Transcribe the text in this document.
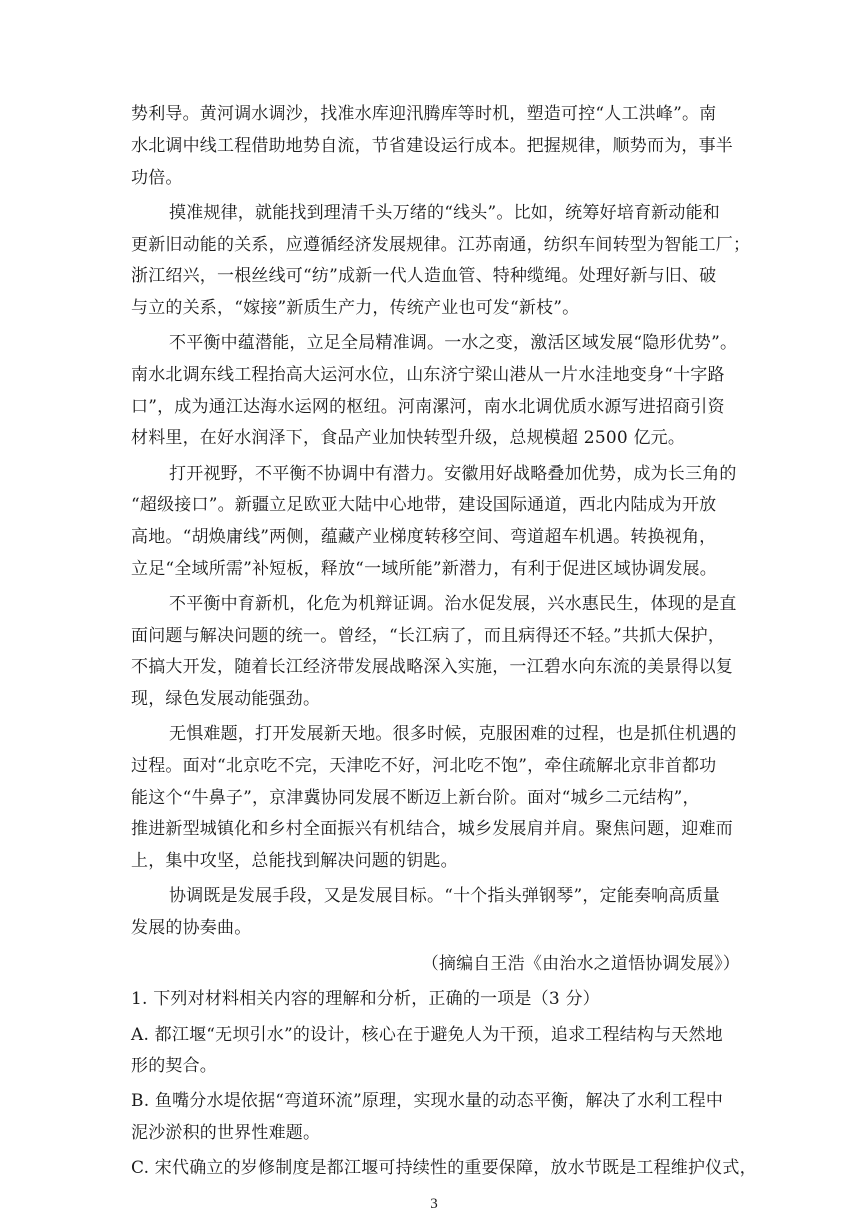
势利导。黄河调水调沙，找准水库迎汛腾库等时机，塑造可控“人工洪峰”。南
水北调中线工程借助地势自流，节省建设运行成本。把握规律，顺势而为，事半
功倍。
摸准规律，就能找到理清千头万绪的“线头”。比如，统筹好培育新动能和
更新旧动能的关系，应遵循经济发展规律。江苏南通，纺织车间转型为智能工厂；
浙江绍兴，一根丝线可“纺”成新一代人造血管、特种缆绳。处理好新与旧、破
与立的关系，“嫁接”新质生产力，传统产业也可发“新枝”。
不平衡中蕴潜能，立足全局精准调。一水之变，激活区域发展“隐形优势”。
南水北调东线工程抬高大运河水位，山东济宁梁山港从一片水洼地变身“十字路
口”，成为通江达海水运网的枢纽。河南漯河，南水北调优质水源写进招商引资
材料里，在好水润泽下，食品产业加快转型升级，总规模超 2500 亿元。
打开视野，不平衡不协调中有潜力。安徽用好战略叠加优势，成为长三角的
“超级接口”。新疆立足欧亚大陆中心地带，建设国际通道，西北内陆成为开放
高地。“胡焕庸线”两侧，蕴藏产业梯度转移空间、弯道超车机遇。转换视角，
立足“全域所需”补短板，释放“一域所能”新潜力，有利于促进区域协调发展。
不平衡中育新机，化危为机辩证调。治水促发展，兴水惠民生，体现的是直
面问题与解决问题的统一。曾经，“长江病了，而且病得还不轻。”共抓大保护，
不搞大开发，随着长江经济带发展战略深入实施，一江碧水向东流的美景得以复
现，绿色发展动能强劲。
无惧难题，打开发展新天地。很多时候，克服困难的过程，也是抓住机遇的
过程。面对“北京吃不完，天津吃不好，河北吃不饱”，牵住疏解北京非首都功
能这个“牛鼻子”，京津冀协同发展不断迈上新台阶。面对“城乡二元结构”，
推进新型城镇化和乡村全面振兴有机结合，城乡发展肩并肩。聚焦问题，迎难而
上，集中攻坚，总能找到解决问题的钥匙。
协调既是发展手段，又是发展目标。“十个指头弹钢琴”，定能奏响高质量
发展的协奏曲。
（摘编自王浩《由治水之道悟协调发展》）
1. 下列对材料相关内容的理解和分析，正确的一项是（3 分）
A. 都江堰“无坝引水”的设计，核心在于避免人为干预，追求工程结构与天然地
形的契合。
B. 鱼嘴分水堤依据“弯道环流”原理，实现水量的动态平衡，解决了水利工程中
泥沙淤积的世界性难题。
C. 宋代确立的岁修制度是都江堰可持续性的重要保障，放水节既是工程维护仪式，
3
